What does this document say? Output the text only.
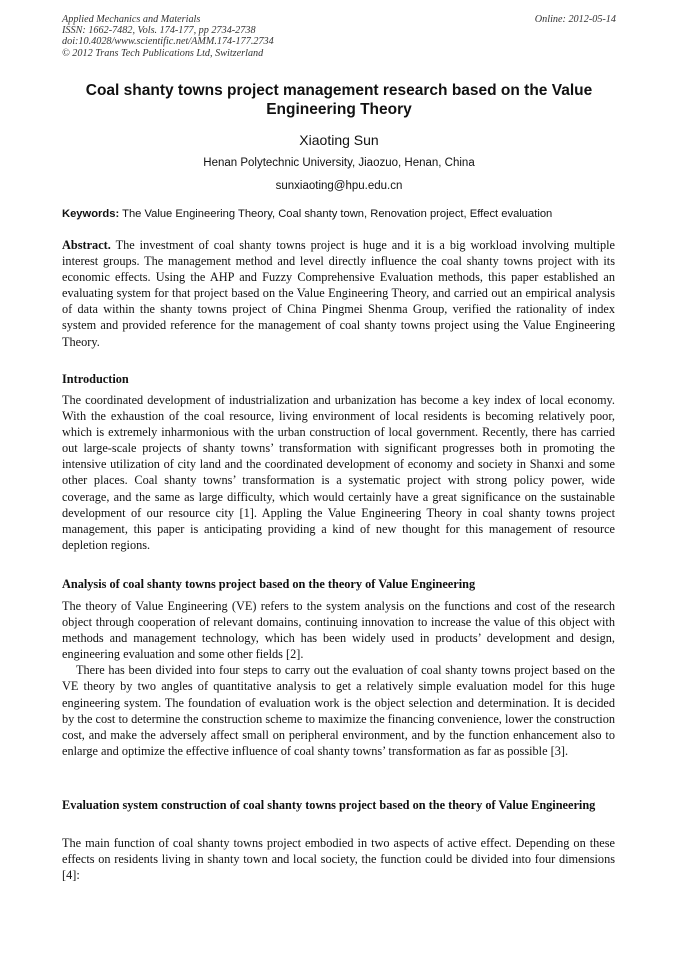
Applied Mechanics and Materials
ISSN: 1662-7482, Vols. 174-177, pp 2734-2738
doi:10.4028/www.scientific.net/AMM.174-177.2734
© 2012 Trans Tech Publications Ltd, Switzerland
Online: 2012-05-14
Coal shanty towns project management research based on the Value Engineering Theory
Xiaoting Sun
Henan Polytechnic University, Jiaozuo, Henan, China
sunxiaoting@hpu.edu.cn
Keywords: The Value Engineering Theory, Coal shanty town, Renovation project, Effect evaluation

Abstract. The investment of coal shanty towns project is huge and it is a big workload involving multiple interest groups. The management method and level directly influence the coal shanty towns project with its economic effects. Using the AHP and Fuzzy Comprehensive Evaluation methods, this paper established an evaluating system for that project based on the Value Engineering Theory, and carried out an empirical analysis of data within the shanty towns project of China Pingmei Shenma Group, verified the rationality of index system and provided reference for the management of coal shanty towns project using the Value Engineering Theory.

Introduction

The coordinated development of industrialization and urbanization has become a key index of local economy. With the exhaustion of the coal resource, living environment of local residents is becoming relatively poor, which is extremely inharmonious with the urban construction of local government. Recently, there has carried out large-scale projects of shanty towns’ transformation with significant progresses both in promoting the intensive utilization of city land and the coordinated development of economy and society in Shanxi and some other places. Coal shanty towns’ transformation is a systematic project with strong policy power, wide coverage, and the same as large difficulty, which would certainly have a great significance on the sustainable development of our resource city [1]. Appling the Value Engineering Theory in coal shanty towns project management, this paper is anticipating providing a kind of new thought for this management of resource depletion regions.

Analysis of coal shanty towns project based on the theory of Value Engineering

The theory of Value Engineering (VE) refers to the system analysis on the functions and cost of the research object through cooperation of relevant domains, continuing innovation to increase the value of this object with methods and management technology, which has been widely used in products’ development and design, engineering evaluation and some other fields [2].

There has been divided into four steps to carry out the evaluation of coal shanty towns project based on the VE theory by two angles of quantitative analysis to get a relatively simple evaluation model for this huge engineering system. The foundation of evaluation work is the object selection and determination. It is decided by the cost to determine the construction scheme to maximize the financing convenience, lower the construction cost, and make the adversely affect small on peripheral environment, and by the function enhancement also to enlarge and optimize the effective influence of coal shanty towns’ transformation as far as possible [3].

Evaluation system construction of coal shanty towns project based on the theory of Value Engineering

The main function of coal shanty towns project embodied in two aspects of active effect. Depending on these effects on residents living in shanty town and local society, the function could be divided into four dimensions [4]:
